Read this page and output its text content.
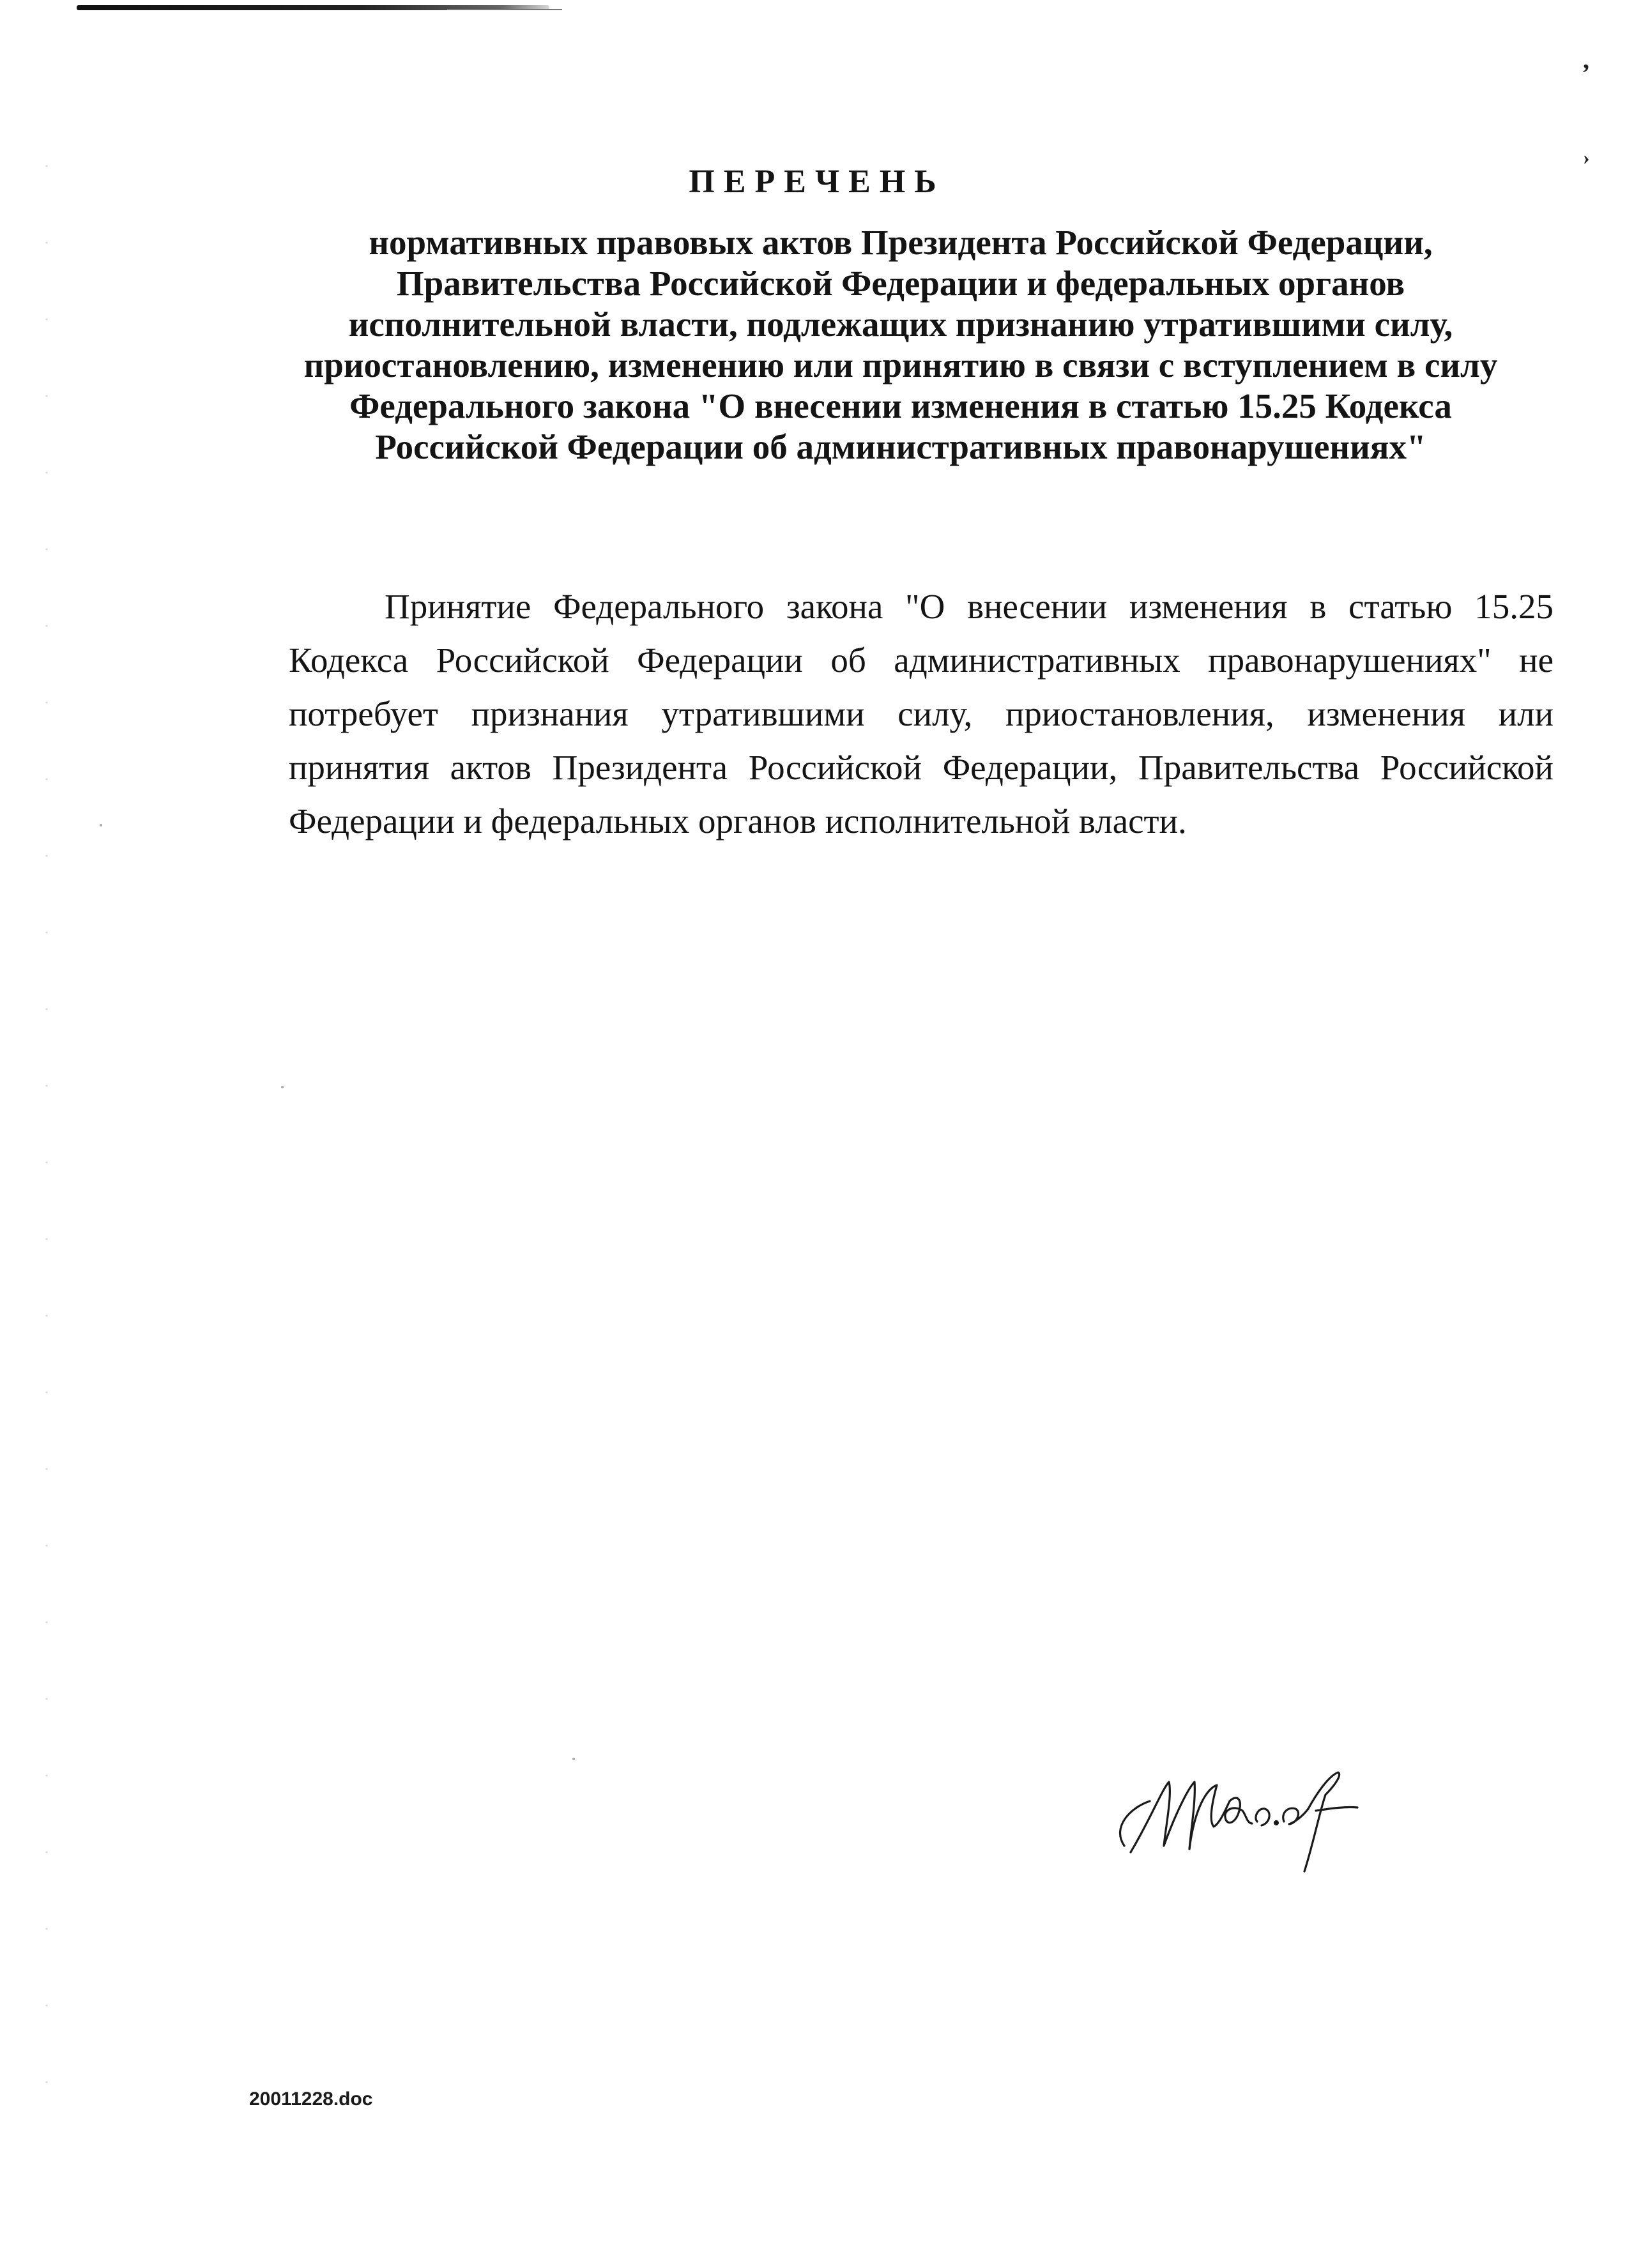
,
›
ПЕРЕЧЕНЬ

нормативных правовых актов Президента Российской Федерации, Правительства Российской Федерации и федеральных органов исполнительной власти, подлежащих признанию утратившими силу, приостановлению, изменению или принятию в связи с вступлением в силу Федерального закона "О внесении изменения в статью 15.25 Кодекса Российской Федерации об административных правонарушениях"

Принятие Федерального закона "О внесении изменения в статью 15.25 Кодекса Российской Федерации об административных правонарушениях" не потребует признания утратившими силу, приостановления, изменения или принятия актов Президента Российской Федерации, Правительства Российской Федерации и федеральных органов исполнительной власти.

20011228.doc
